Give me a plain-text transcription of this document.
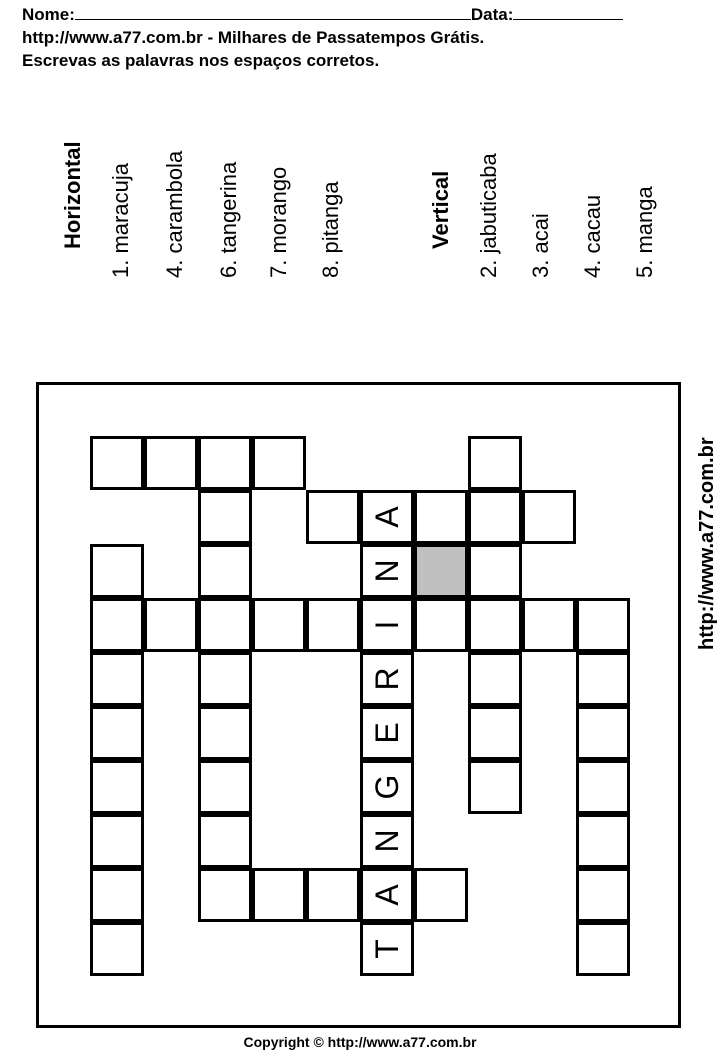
Nome:	Data:
http://www.a77.com.br - Milhares de Passatempos Grátis.
Escrevas as palavras nos espaços corretos.
Horizontal 1. maracuja 4. carambola 6. tangerina 7. morango 8. pitanga	Vertical 2. jabuticaba 3. acai 4. cacau 5. manga
A
N
I
R
E
G
N
A
T
http://www.a77.com.br
Copyright © http://www.a77.com.br
